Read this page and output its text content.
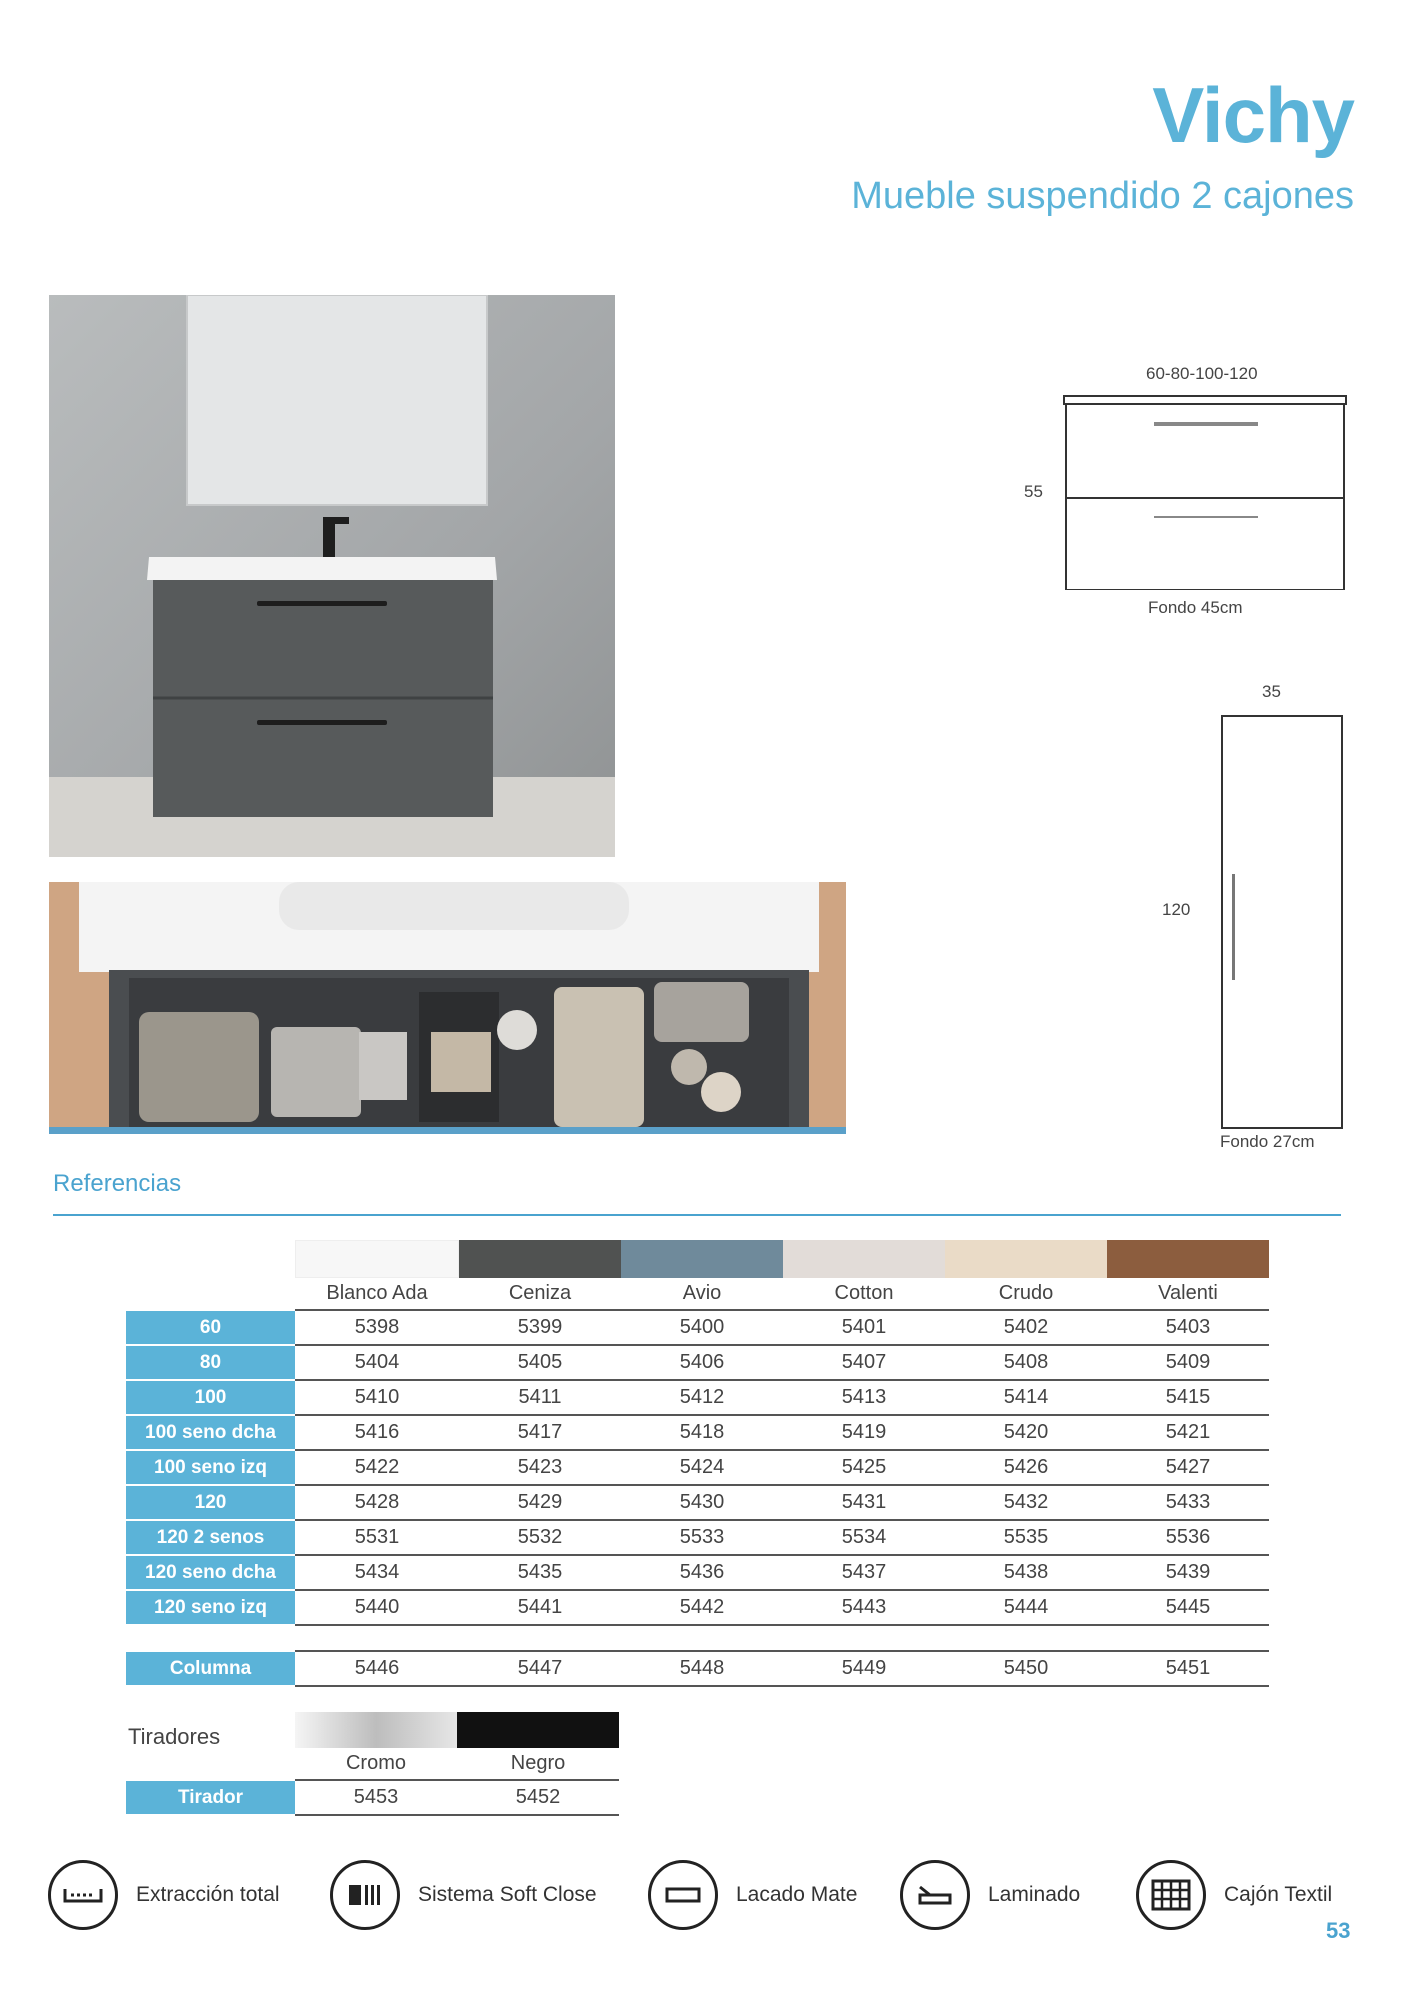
Vichy
Mueble suspendido 2 cajones
60-80-100-120
55
Fondo 45cm
35
120
Fondo 27cm
Referencias

	Blanco Ada	Ceniza	Avio	Cotton	Crudo	Valenti
60	5398	5399	5400	5401	5402	5403
80	5404	5405	5406	5407	5408	5409
100	5410	5411	5412	5413	5414	5415
100 seno dcha	5416	5417	5418	5419	5420	5421
100 seno izq	5422	5423	5424	5425	5426	5427
120	5428	5429	5430	5431	5432	5433
120 2 senos	5531	5532	5533	5534	5535	5536
120 seno dcha	5434	5435	5436	5437	5438	5439
120 seno izq	5440	5441	5442	5443	5444	5445

Columna	5446	5447	5448	5449	5450	5451
Tiradores

	Cromo	Negro
Tirador	5453	5452
Extracción total	Sistema Soft Close	Lacado Mate	Laminado	Cajón Textil
53
